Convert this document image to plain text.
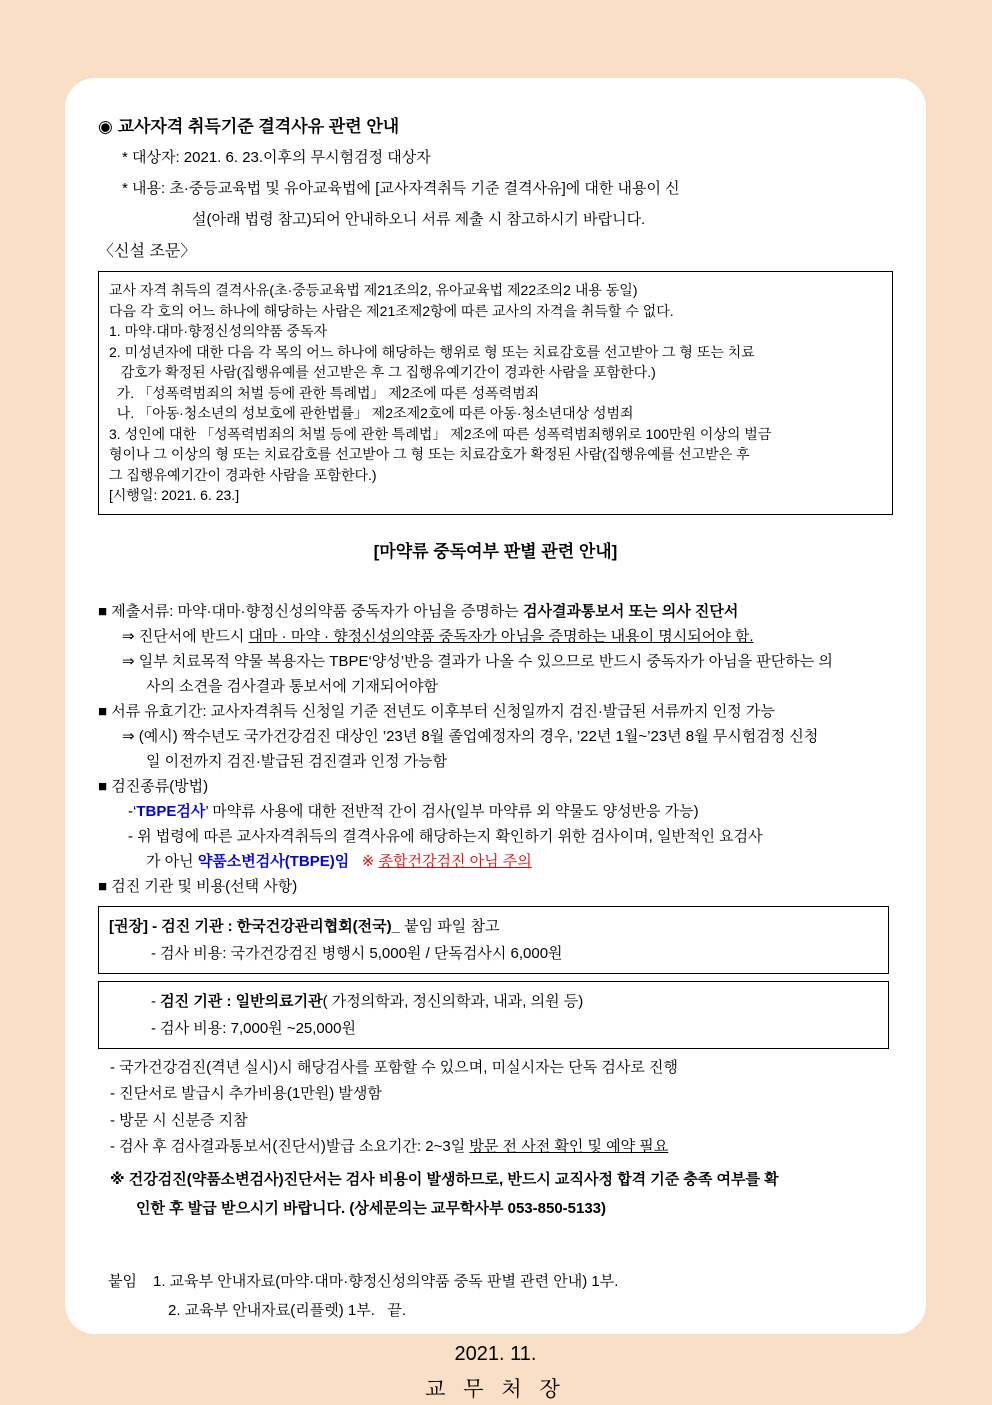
◉ 교사자격 취득기준 결격사유 관련 안내
* 대상자: 2021. 6. 23.이후의 무시험검정 대상자
* 내용: 초·중등교육법 및 유아교육법에 [교사자격취득 기준 결격사유]에 대한 내용이 신
설(아래 법령 참고)되어 안내하오니 서류 제출 시 참고하시기 바랍니다.
〈신설 조문〉
교사 자격 취득의 결격사유(초·중등교육법 제21조의2, 유아교육법 제22조의2 내용 동일)
다음 각 호의 어느 하나에 해당하는 사람은 제21조제2항에 따른 교사의 자격을 취득할 수 없다.
1. 마약·대마·향정신성의약품 중독자
2. 미성년자에 대한 다음 각 목의 어느 하나에 해당하는 행위로 형 또는 치료감호를 선고받아 그 형 또는 치료
감호가 확정된 사람(집행유예를 선고받은 후 그 집행유예기간이 경과한 사람을 포함한다.)
가. 「성폭력범죄의 처벌 등에 관한 특례법」 제2조에 따른 성폭력범죄
나. 「아동·청소년의 성보호에 관한법률」 제2조제2호에 따른 아동·청소년대상 성범죄
3. 성인에 대한 「성폭력범죄의 처벌 등에 관한 특례법」 제2조에 따른 성폭력범죄행위로 100만원 이상의 벌금
형이나 그 이상의 형 또는 치료감호를 선고받아 그 형 또는 치료감호가 확정된 사람(집행유예를 선고받은 후
그 집행유예기간이 경과한 사람을 포함한다.)
[시행일: 2021. 6. 23.]
[마약류 중독여부 판별 관련 안내]
■ 제출서류: 마약·대마·향정신성의약품 중독자가 아님을 증명하는 검사결과통보서 또는 의사 진단서
⇒ 진단서에 반드시 대마 · 마약 · 향정신성의약품 중독자가 아님을 증명하는 내용이 명시되어야 함.
⇒ 일부 치료목적 약물 복용자는 TBPE‘양성’반응 결과가 나올 수 있으므로 반드시 중독자가 아님을 판단하는 의
사의 소견을 검사결과 통보서에 기재되어야함
■ 서류 유효기간: 교사자격취득 신청일 기준 전년도 이후부터 신청일까지 검진·발급된 서류까지 인정 가능
⇒ (예시) 짝수년도 국가건강검진 대상인 ’23년 8월 졸업예정자의 경우, ’22년 1월~’23년 8월 무시험검정 신청
일 이전까지 검진·발급된 검진결과 인정 가능함
■ 검진종류(방법)
-‘TBPE검사’ 마약류 사용에 대한 전반적 간이 검사(일부 마약류 외 약물도 양성반응 가능)
- 위 법령에 따른 교사자격취득의 결격사유에 해당하는지 확인하기 위한 검사이며, 일반적인 요검사
가 아닌 약품소변검사(TBPE)임 ※ 종합건강검진 아님 주의
■ 검진 기관 및 비용(선택 사항)
[권장] - 검진 기관 : 한국건강관리협회(전국)_ 붙임 파일 참고
- 검사 비용: 국가건강검진 병행시 5,000원 / 단독검사시 6,000원
- 검진 기관 : 일반의료기관( 가정의학과, 정신의학과, 내과, 의원 등)
- 검사 비용: 7,000원 ~25,000원
- 국가건강검진(격년 실시)시 해당검사를 포함할 수 있으며, 미실시자는 단독 검사로 진행
- 진단서로 발급시 추가비용(1만원) 발생함
- 방문 시 신분증 지참
- 검사 후 검사결과통보서(진단서)발급 소요기간: 2~3일 방문 전 사전 확인 및 예약 필요
※ 건강검진(약품소변검사)진단서는 검사 비용이 발생하므로, 반드시 교직사정 합격 기준 충족 여부를 확
인한 후 발급 받으시기 바랍니다. (상세문의는 교무학사부 053-850-5133)
붙임 1. 교육부 안내자료(마약·대마·향정신성의약품 중독 판별 관련 안내) 1부.
2. 교육부 안내자료(리플렛) 1부.   끝.
2021. 11.
교 무 처 장
